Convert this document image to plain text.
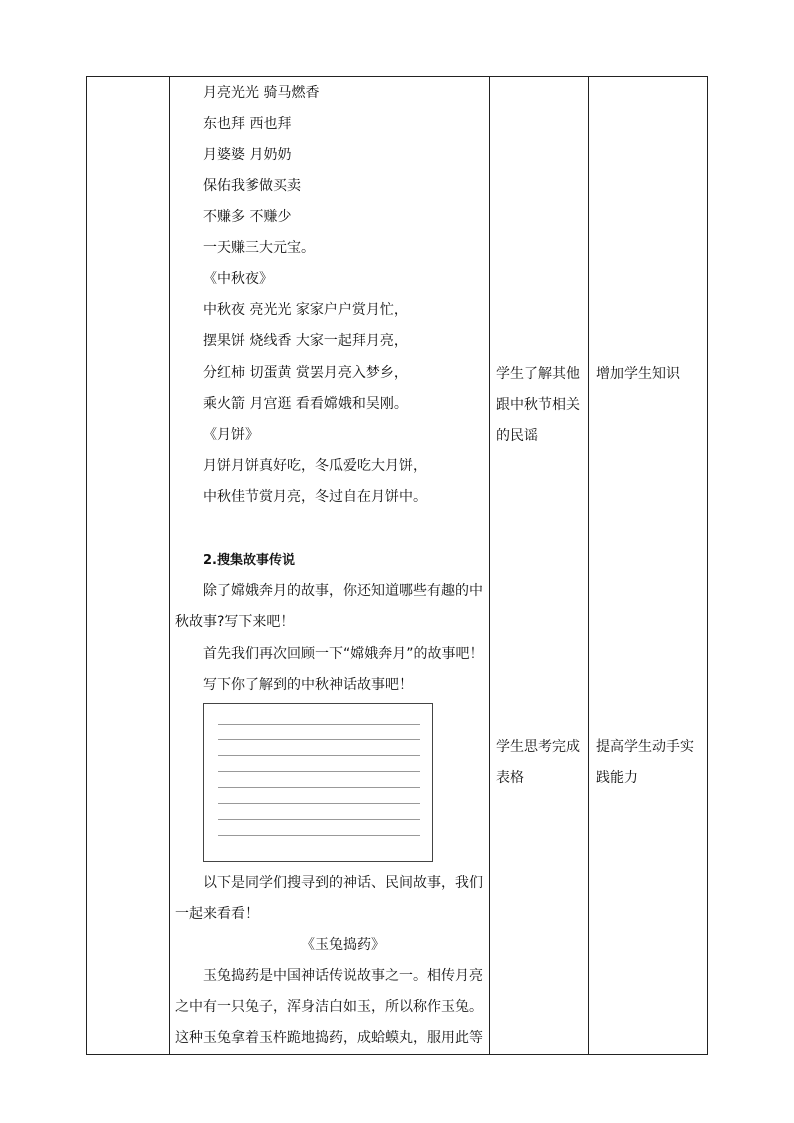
月亮光光 骑马燃香
东也拜 西也拜
月婆婆 月奶奶
保佑我爹做买卖
不赚多 不赚少
一天赚三大元宝。
《中秋夜》
中秋夜 亮光光 家家户户赏月忙，
摆果饼 烧线香 大家一起拜月亮，
分红柿 切蛋黄 赏罢月亮入梦乡，
乘火箭 月宫逛 看看嫦娥和吴刚。
《月饼》
月饼月饼真好吃，冬瓜爱吃大月饼，
中秋佳节赏月亮，冬过自在月饼中。
2.搜集故事传说
除了嫦娥奔月的故事，你还知道哪些有趣的中
秋故事?写下来吧！
首先我们再次回顾一下“嫦娥奔月”的故事吧！
写下你了解到的中秋神话故事吧！
以下是同学们搜寻到的神话、民间故事，我们
一起来看看！
《玉兔捣药》
玉兔捣药是中国神话传说故事之一。相传月亮
之中有一只兔子，浑身洁白如玉，所以称作玉兔。
这种玉兔拿着玉杵跪地捣药，成蛤蟆丸，服用此等
学生了解其他
跟中秋节相关
的民谣
学生思考完成
表格
增加学生知识
提高学生动手实
践能力
